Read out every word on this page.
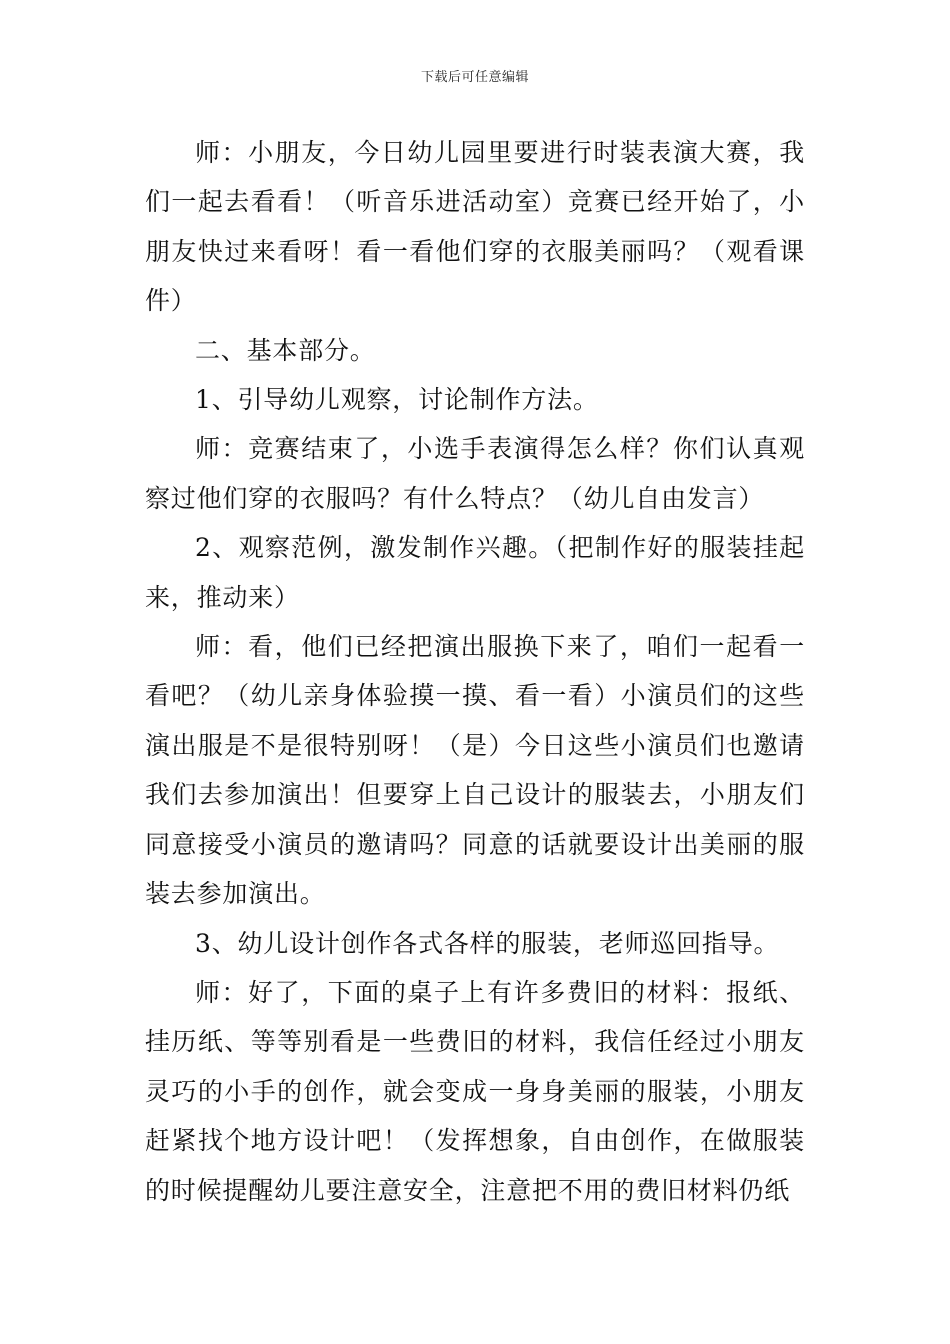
下载后可任意编辑

师：小朋友，今日幼儿园里要进行时装表演大赛，我们一起去看看！（听音乐进活动室）竞赛已经开始了，小朋友快过来看呀！看一看他们穿的衣服美丽吗？（观看课件）

二、基本部分。

1、引导幼儿观察，讨论制作方法。

师：竞赛结束了，小选手表演得怎么样？你们认真观察过他们穿的衣服吗？有什么特点？（幼儿自由发言）

2、观察范例，激发制作兴趣。（把制作好的服装挂起来，推动来）

师：看，他们已经把演出服换下来了，咱们一起看一看吧？（幼儿亲身体验摸一摸、看一看）小演员们的这些演出服是不是很特别呀！（是）今日这些小演员们也邀请我们去参加演出！但要穿上自己设计的服装去，小朋友们同意接受小演员的邀请吗？同意的话就要设计出美丽的服装去参加演出。

3、幼儿设计创作各式各样的服装，老师巡回指导。

师：好了，下面的桌子上有许多费旧的材料：报纸、挂历纸、等等别看是一些费旧的材料，我信任经过小朋友灵巧的小手的创作，就会变成一身身美丽的服装，小朋友赶紧找个地方设计吧！（发挥想象，自由创作，在做服装的时候提醒幼儿要注意安全，注意把不用的费旧材料仍纸
